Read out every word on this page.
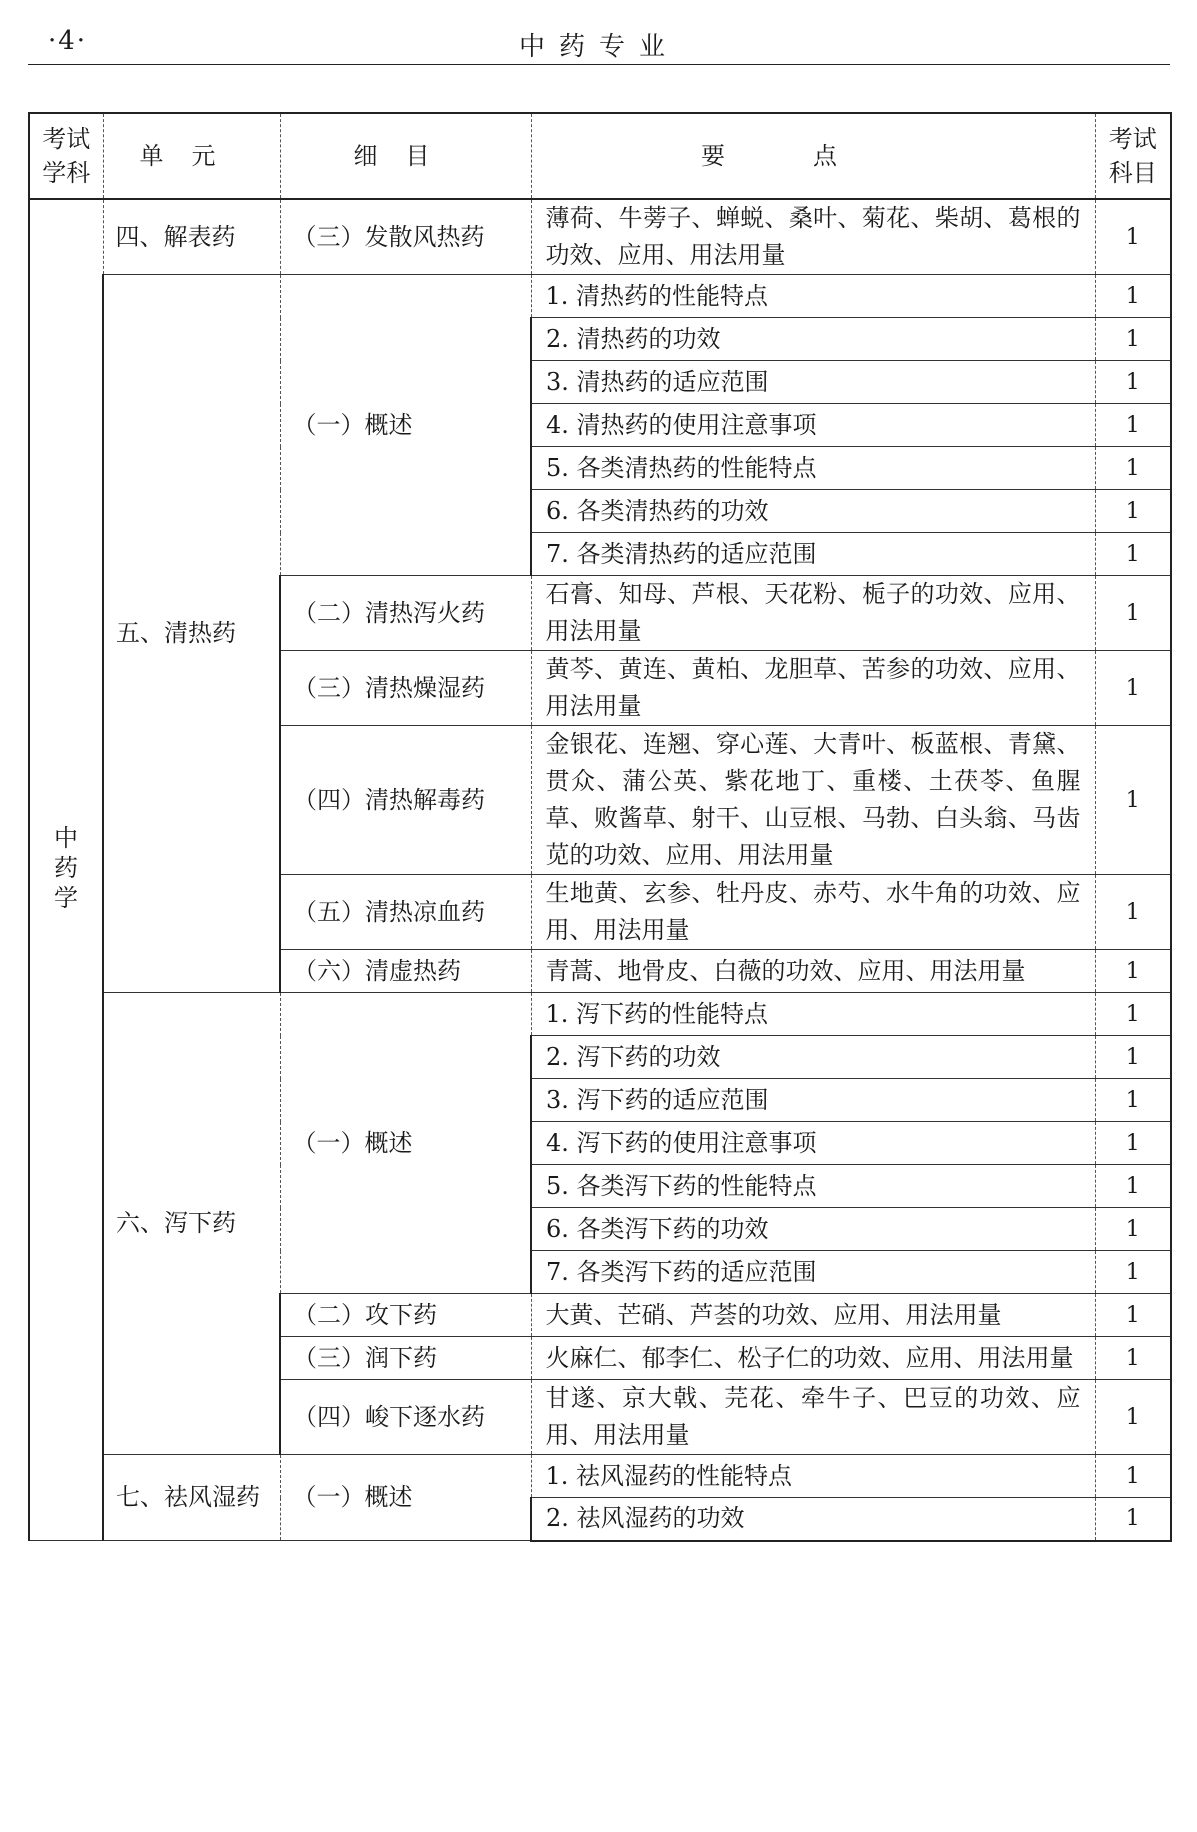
·4·	中药专业
考试学科	单元	细目	要点	考试科目
中药学	四、解表药	（三）发散风热药	薄荷、牛蒡子、蝉蜕、桑叶、菊花、柴胡、葛根的功效、应用、用法用量	1
	五、清热药	（一）概述	1. 清热药的性能特点	1
			2. 清热药的功效	1
			3. 清热药的适应范围	1
			4. 清热药的使用注意事项	1
			5. 各类清热药的性能特点	1
			6. 各类清热药的功效	1
			7. 各类清热药的适应范围	1
		（二）清热泻火药	石膏、知母、芦根、天花粉、栀子的功效、应用、用法用量	1
		（三）清热燥湿药	黄芩、黄连、黄柏、龙胆草、苦参的功效、应用、用法用量	1
		（四）清热解毒药	金银花、连翘、穿心莲、大青叶、板蓝根、青黛、贯众、蒲公英、紫花地丁、重楼、土茯苓、鱼腥草、败酱草、射干、山豆根、马勃、白头翁、马齿苋的功效、应用、用法用量	1
		（五）清热凉血药	生地黄、玄参、牡丹皮、赤芍、水牛角的功效、应用、用法用量	1
		（六）清虚热药	青蒿、地骨皮、白薇的功效、应用、用法用量	1
	六、泻下药	（一）概述	1. 泻下药的性能特点	1
			2. 泻下药的功效	1
			3. 泻下药的适应范围	1
			4. 泻下药的使用注意事项	1
			5. 各类泻下药的性能特点	1
			6. 各类泻下药的功效	1
			7. 各类泻下药的适应范围	1
		（二）攻下药	大黄、芒硝、芦荟的功效、应用、用法用量	1
		（三）润下药	火麻仁、郁李仁、松子仁的功效、应用、用法用量	1
		（四）峻下逐水药	甘遂、京大戟、芫花、牵牛子、巴豆的功效、应用、用法用量	1
	七、祛风湿药	（一）概述	1. 祛风湿药的性能特点	1
			2. 祛风湿药的功效	1
